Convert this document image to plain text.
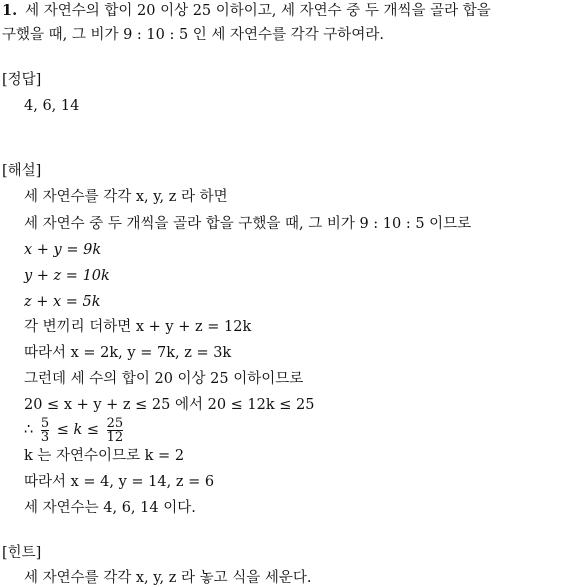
1. 세 자연수의 합이 20 이상 25 이하이고, 세 자연수 중 두 개씩을 골라 합을
구했을 때, 그 비가 9 : 10 : 5 인 세 자연수를 각각 구하여라.
[정답]
4, 6, 14
[해설]
세 자연수를 각각 x, y, z 라 하면
세 자연수 중 두 개씩을 골라 합을 구했을 때, 그 비가 9 : 10 : 5 이므로
x + y = 9k
y + z = 10k
z + x = 5k
각 변끼리 더하면 x + y + z = 12k
따라서 x = 2k, y = 7k, z = 3k
그런데 세 수의 합이 20 이상 25 이하이므로
20 ≤ x + y + z ≤ 25 에서 20 ≤ 12k ≤ 25
∴ $\frac{5}{3} \le k \le \frac{25}{12}$
k 는 자연수이므로 k = 2
따라서 x = 4, y = 14, z = 6
세 자연수는 4, 6, 14 이다.
[힌트]
세 자연수를 각각 x, y, z 라 놓고 식을 세운다.
